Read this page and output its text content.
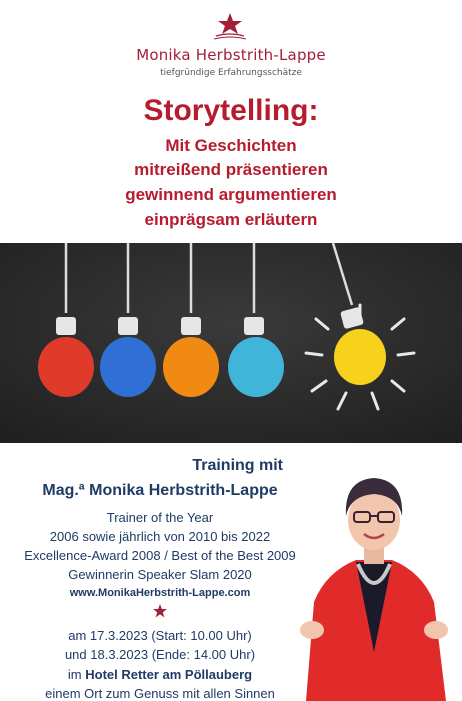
Monika Herbstrith-Lappe
tiefgründige Erfahrungsschätze
Storytelling:
Mit Geschichten
mitreißend präsentieren
gewinnend argumentieren
einprägsam erläutern
Training mit
Mag.ª Monika Herbstrith-Lappe
Trainer of the Year
2006 sowie jährlich von 2010 bis 2022
Excellence-Award 2008 / Best of the Best 2009
Gewinnerin Speaker Slam 2020
www.MonikaHerbstrith-Lappe.com
am 17.3.2023 (Start: 10.00 Uhr)
und 18.3.2023 (Ende: 14.00 Uhr)
im Hotel Retter am Pöllauberg
einem Ort zum Genuss mit allen Sinnen
